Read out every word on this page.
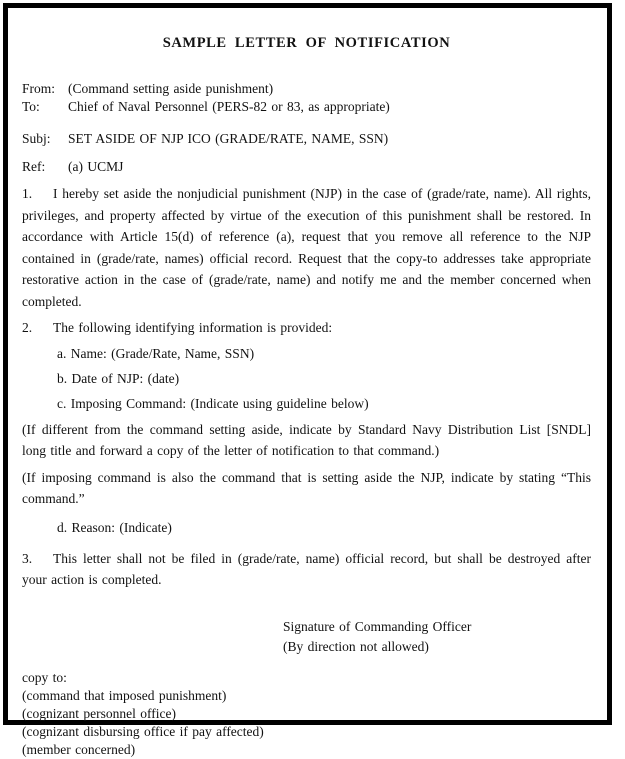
SAMPLE LETTER OF NOTIFICATION
From: (Command setting aside punishment)
To:	Chief of Naval Personnel (PERS-82 or 83, as appropriate)
Subj:	SET ASIDE OF NJP ICO (GRADE/RATE, NAME, SSN)
Ref:	(a) UCMJ

1. I hereby set aside the nonjudicial punishment (NJP) in the case of (grade/rate, name). All rights, privileges, and property affected by virtue of the execution of this punishment shall be restored. In accordance with Article 15(d) of reference (a), request that you remove all reference to the NJP contained in (grade/rate, names) official record. Request that the copy-to addresses take appropriate restorative action in the case of (grade/rate, name) and notify me and the member concerned when completed.

2. The following identifying information is provided:

a. Name: (Grade/Rate, Name, SSN)
b. Date of NJP: (date)
c. Imposing Command: (Indicate using guideline below)

(If different from the command setting aside, indicate by Standard Navy Distribution List [SNDL] long title and forward a copy of the letter of notification to that command.)

(If imposing command is also the command that is setting aside the NJP, indicate by stating “This command.”

d. Reason: (Indicate)

3. This letter shall not be filed in (grade/rate, name) official record, but shall be destroyed after your action is completed.

Signature of Commanding Officer
(By direction not allowed)
copy to:
(command that imposed punishment)
(cognizant personnel office)
(cognizant disbursing office if pay affected)
(member concerned)
